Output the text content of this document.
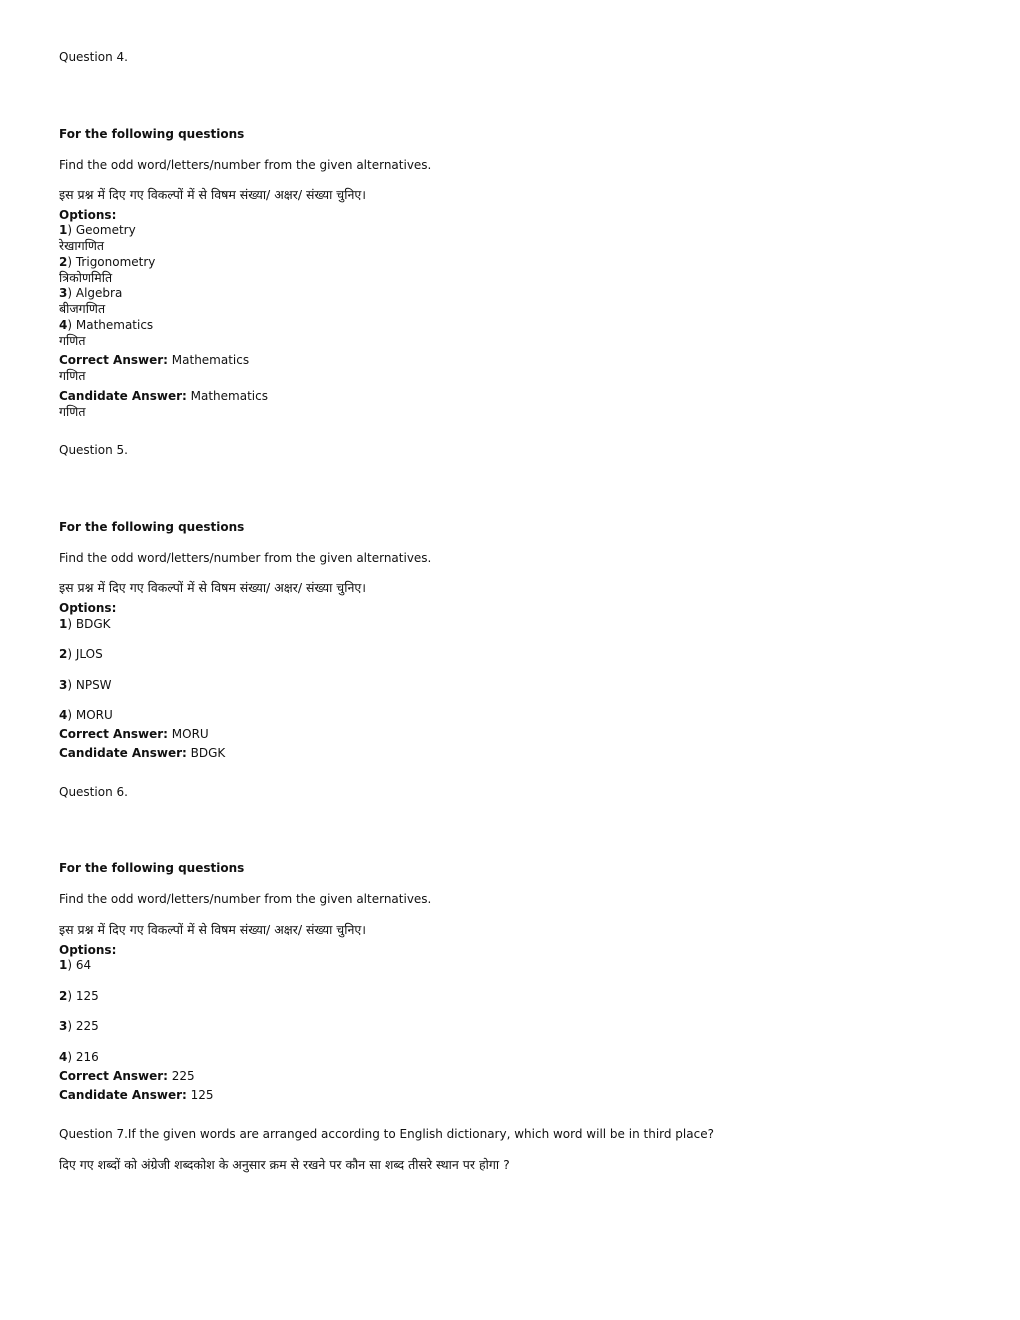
Question 4.
For the following questions
Find the odd word/letters/number from the given alternatives.
इस प्रश्न में दिए गए विकल्पों में से विषम संख्या/ अक्षर/ संख्या चुनिए।
Options:
1) Geometry
रेखागणित
2) Trigonometry
त्रिकोणमिति
3) Algebra
बीजगणित
4) Mathematics
गणित
Correct Answer: Mathematics
गणित
Candidate Answer: Mathematics
गणित
Question 5.
For the following questions
Find the odd word/letters/number from the given alternatives.
इस प्रश्न में दिए गए विकल्पों में से विषम संख्या/ अक्षर/ संख्या चुनिए।
Options:
1) BDGK
2) JLOS
3) NPSW
4) MORU
Correct Answer: MORU
Candidate Answer: BDGK
Question 6.
For the following questions
Find the odd word/letters/number from the given alternatives.
इस प्रश्न में दिए गए विकल्पों में से विषम संख्या/ अक्षर/ संख्या चुनिए।
Options:
1) 64
2) 125
3) 225
4) 216
Correct Answer: 225
Candidate Answer: 125
Question 7.If the given words are arranged according to English dictionary, which word will be in third place?
दिए गए शब्दों को अंग्रेजी शब्दकोश के अनुसार क्रम से रखने पर कौन सा शब्द तीसरे स्थान पर होगा ?
